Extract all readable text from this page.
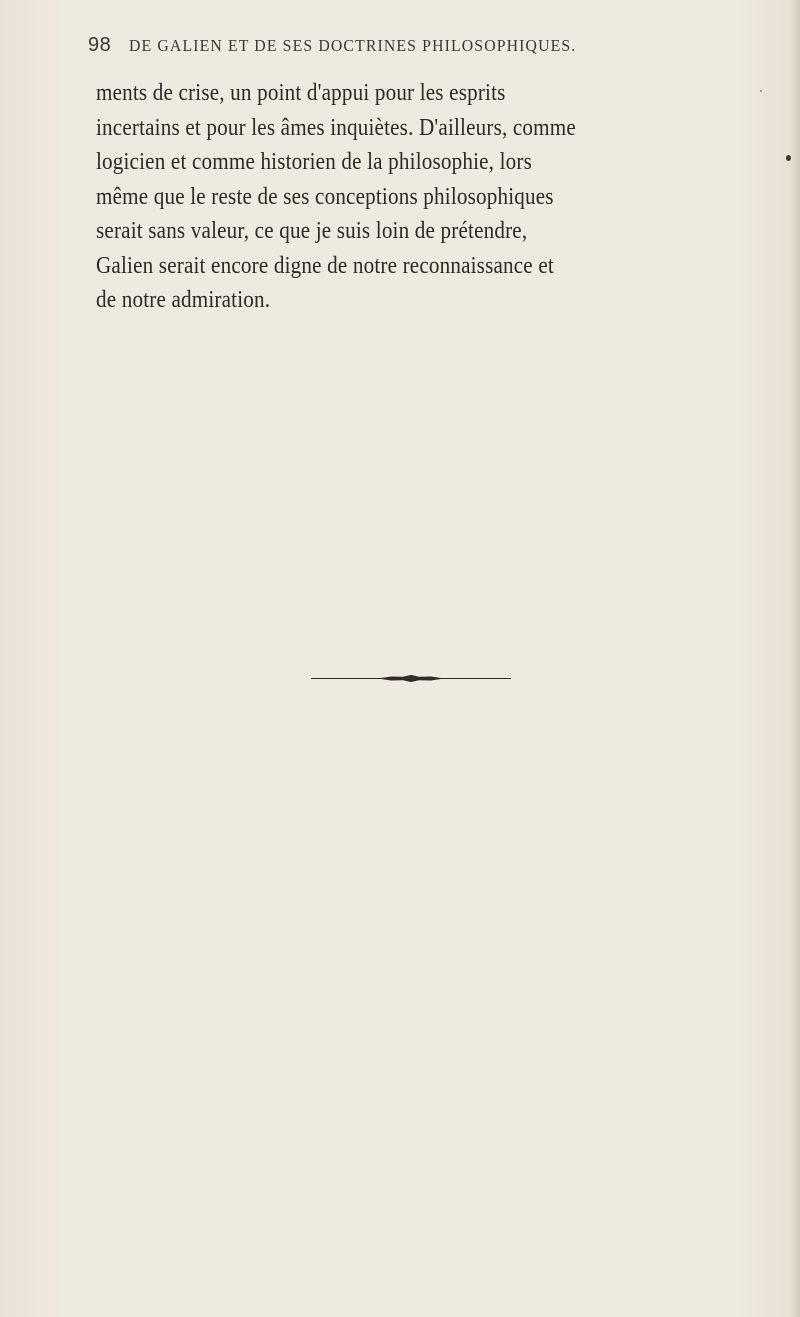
98 DE GALIEN ET DE SES DOCTRINES PHILOSOPHIQUES.
ments de crise, un point d'appui pour les esprits
incertains et pour les âmes inquiètes. D'ailleurs, comme
logicien et comme historien de la philosophie, lors
même que le reste de ses conceptions philosophiques
serait sans valeur, ce que je suis loin de prétendre,
Galien serait encore digne de notre reconnaissance et
de notre admiration.
